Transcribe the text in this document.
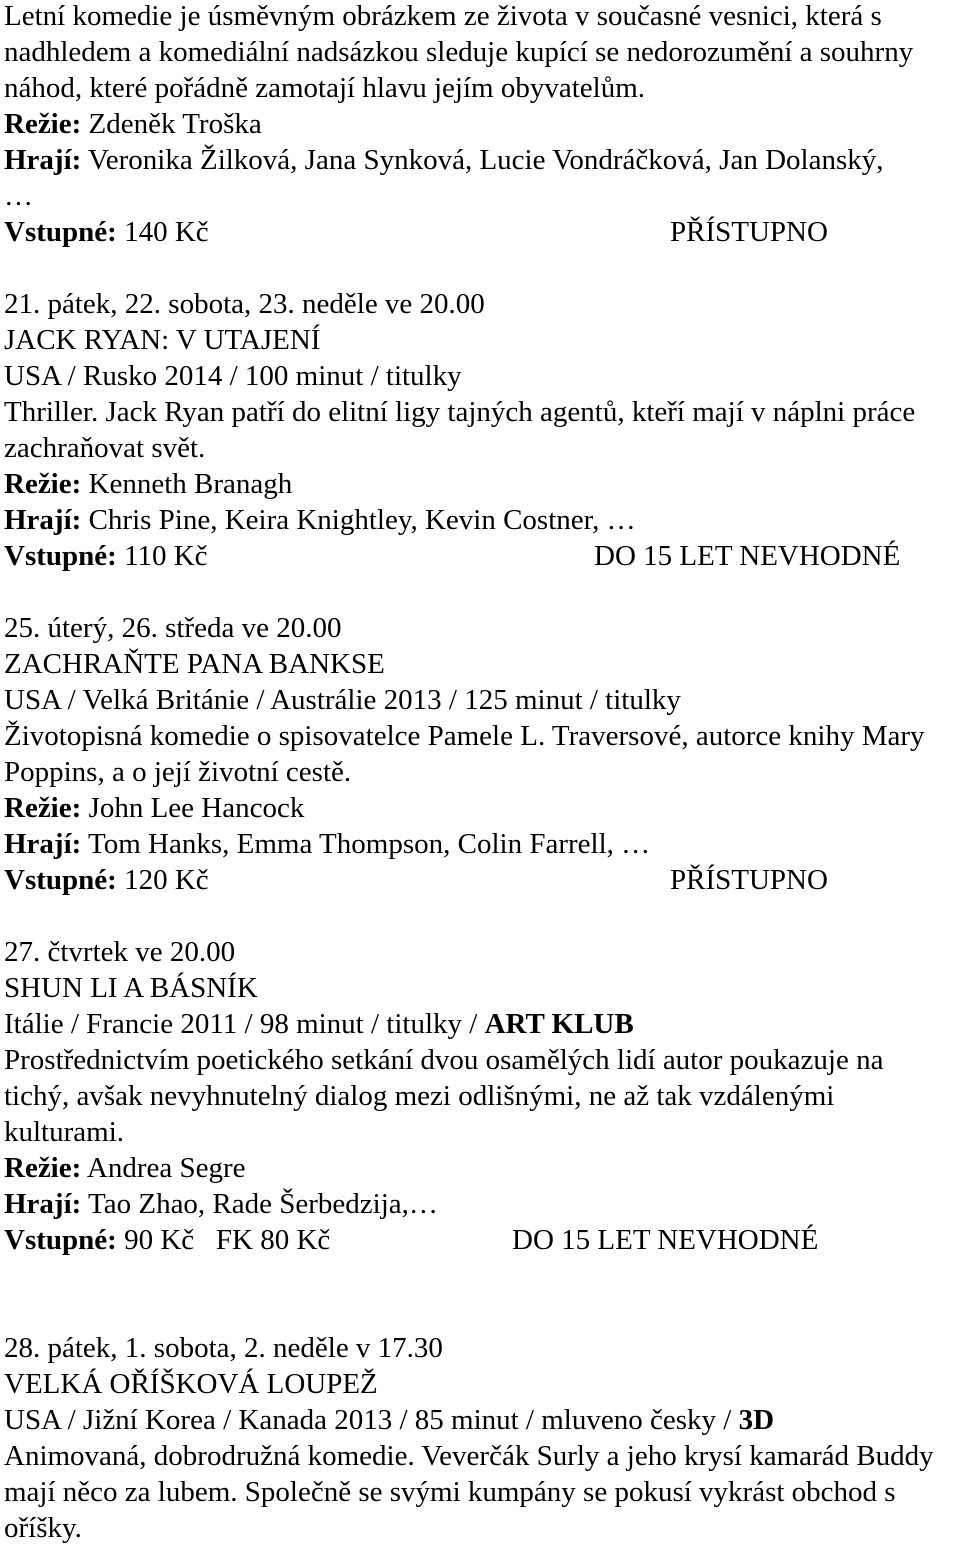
Letní komedie je úsměvným obrázkem ze života v současné vesnici, která s nadhledem a komediální nadsázkou sleduje kupící se nedorozumění a souhrny náhod, které pořádně zamotají hlavu jejím obyvatelům.
Režie: Zdeněk Troška
Hrají: Veronika Žilková, Jana Synková, Lucie Vondráčková, Jan Dolanský,
…
Vstupné: 140 Kč	PŘÍSTUPNO
21. pátek, 22. sobota, 23. neděle ve 20.00
JACK RYAN: V UTAJENÍ
USA / Rusko 2014 / 100 minut / titulky
Thriller. Jack Ryan patří do elitní ligy tajných agentů, kteří mají v náplni práce zachraňovat svět.
Režie: Kenneth Branagh
Hrají: Chris Pine, Keira Knightley, Kevin Costner, …
Vstupné: 110 Kč	DO 15 LET NEVHODNÉ
25. úterý, 26. středa ve 20.00
ZACHRAŇTE PANA BANKSE
USA / Velká Británie / Austrálie 2013 / 125 minut / titulky
Životopisná komedie o spisovatelce Pamele L. Traversové, autorce knihy Mary Poppins, a o její životní cestě.
Režie: John Lee Hancock
Hrají: Tom Hanks, Emma Thompson, Colin Farrell, …
Vstupné: 120 Kč	PŘÍSTUPNO
27. čtvrtek ve 20.00
SHUN LI A BÁSNÍK
Itálie / Francie 2011 / 98 minut / titulky / ART KLUB
Prostřednictvím poetického setkání dvou osamělých lidí autor poukazuje na tichý, avšak nevyhnutelný dialog mezi odlišnými, ne až tak vzdálenými kulturami.
Režie: Andrea Segre
Hrají: Tao Zhao, Rade Šerbedzija,…
Vstupné: 90 Kč   FK 80 Kč	DO 15 LET NEVHODNÉ
28. pátek, 1. sobota, 2. neděle v 17.30
VELKÁ OŘÍŠKOVÁ LOUPEŽ
USA / Jižní Korea / Kanada 2013 / 85 minut / mluveno česky / 3D
Animovaná, dobrodružná komedie. Veverčák Surly a jeho krysí kamarád Buddy mají něco za lubem. Společně se svými kumpány se pokusí vykrást obchod s oříšky.
